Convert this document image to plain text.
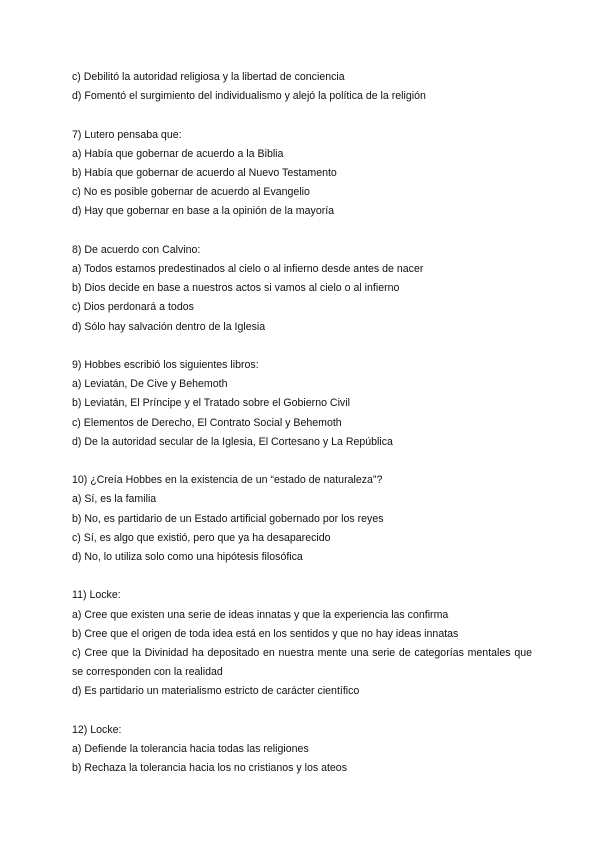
c) Debilitó la autoridad religiosa y la libertad de conciencia
d) Fomentó el surgimiento del individualismo y alejó la política de la religión
7) Lutero pensaba que:
a) Había que gobernar de acuerdo a la Biblia
b) Había que gobernar de acuerdo al Nuevo Testamento
c) No es posible gobernar de acuerdo al Evangelio
d) Hay que gobernar en base a la opinión de la mayoría
8) De acuerdo con Calvino:
a) Todos estamos predestinados al cielo o al infierno desde antes de nacer
b) Dios decide en base a nuestros actos si vamos al cielo o al infierno
c) Dios perdonará a todos
d) Sólo hay salvación dentro de la Iglesia
9) Hobbes escribió los siguientes libros:
a) Leviatán, De Cive y Behemoth
b) Leviatán, El Príncipe y el Tratado sobre el Gobierno Civil
c) Elementos de Derecho, El Contrato Social y Behemoth
d) De la autoridad secular de la Iglesia, El Cortesano y La República
10) ¿Creía Hobbes en la existencia de un “estado de naturaleza”?
a) Sí, es la familia
b) No, es partidario de un Estado artificial gobernado por los reyes
c) Sí, es algo que existió, pero que ya ha desaparecido
d) No, lo utiliza solo como una hipótesis filosófica
11) Locke:
a) Cree que existen una serie de ideas innatas y que la experiencia las confirma
b) Cree que el origen de toda idea está en los sentidos y que no hay ideas innatas
c) Cree que la Divinidad ha depositado en nuestra mente una serie de categorías mentales que se corresponden con la realidad
d) Es partidario un materialismo estricto de carácter científico
12) Locke:
a) Defiende la tolerancia hacia todas las religiones
b) Rechaza la tolerancia hacia los no cristianos y los ateos
